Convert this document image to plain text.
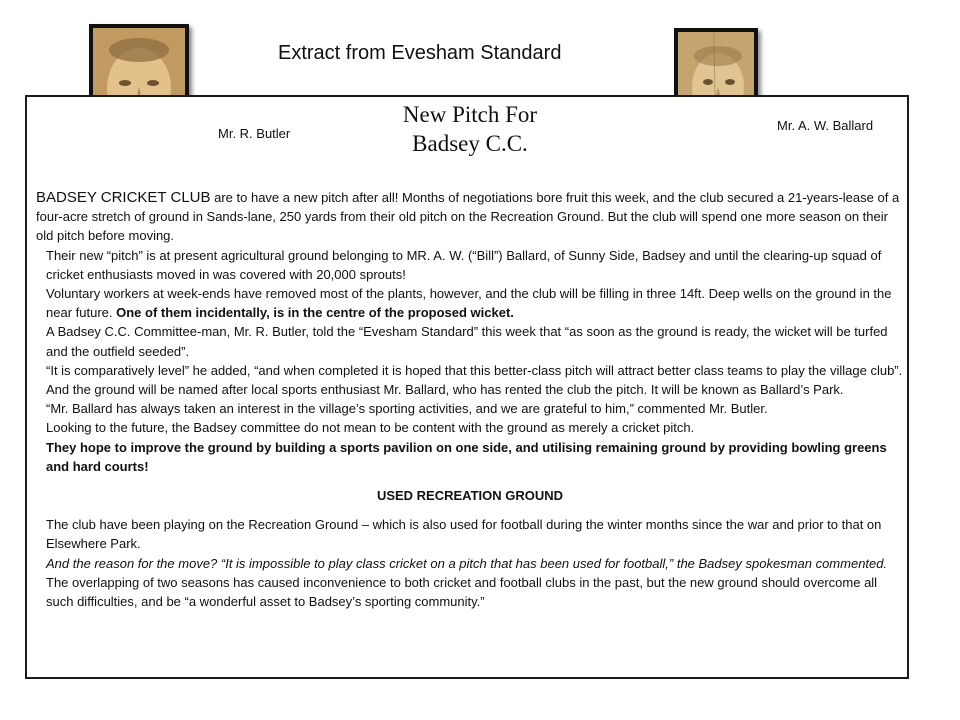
Extract from Evesham Standard
New Pitch For
Badsey C.C.
Mr. R. Butler
Mr. A. W. Ballard

BADSEY CRICKET CLUB are to have a new pitch after all! Months of negotiations bore fruit this week, and the club secured a 21-years-lease of a four-acre stretch of ground in Sands-lane, 250 yards from their old pitch on the Recreation Ground. But the club will spend one more season on their old pitch before moving.

Their new “pitch” is at present agricultural ground belonging to MR. A. W. (“Bill”) Ballard, of Sunny Side, Badsey and until the clearing-up squad of cricket enthusiasts moved in was covered with 20,000 sprouts!

Voluntary workers at week-ends have removed most of the plants, however, and the club will be filling in three 14ft. Deep wells on the ground in the near future. One of them incidentally, is in the centre of the proposed wicket.

A Badsey C.C. Committee-man, Mr. R. Butler, told the “Evesham Standard” this week that “as soon as the ground is ready, the wicket will be turfed and the outfield seeded”.

“It is comparatively level” he added, “and when completed it is hoped that this better-class pitch will attract better class teams to play the village club”. And the ground will be named after local sports enthusiast Mr. Ballard, who has rented the club the pitch. It will be known as Ballard’s Park.

“Mr. Ballard has always taken an interest in the village’s sporting activities, and we are grateful to him,” commented Mr. Butler.

Looking to the future, the Badsey committee do not mean to be content with the ground as merely a cricket pitch.

They hope to improve the ground by building a sports pavilion on one side, and utilising remaining ground by providing bowling greens and hard courts!

USED RECREATION GROUND

The club have been playing on the Recreation Ground – which is also used for football during the winter months since the war and prior to that on Elsewhere Park.

And the reason for the move? “It is impossible to play class cricket on a pitch that has been used for football,” the Badsey spokesman commented.

The overlapping of two seasons has caused inconvenience to both cricket and football clubs in the past, but the new ground should overcome all such difficulties, and be “a wonderful asset to Badsey’s sporting community.”
